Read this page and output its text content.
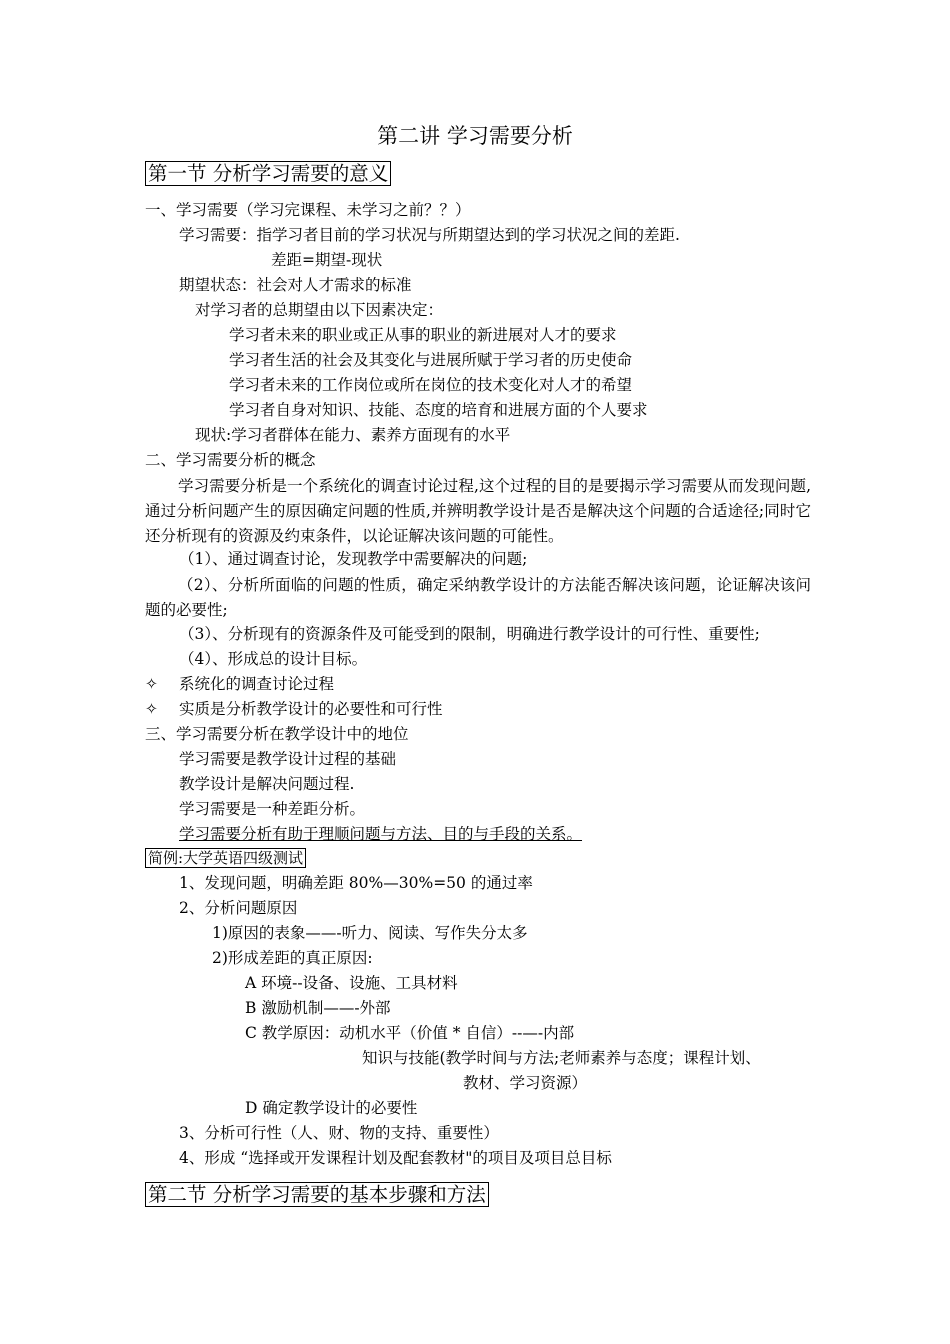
第二讲 学习需要分析
第一节 分析学习需要的意义
一、学习需要（学习完课程、未学习之前？？）
学习需要：指学习者目前的学习状况与所期望达到的学习状况之间的差距.
差距=期望-现状
期望状态：社会对人才需求的标准
对学习者的总期望由以下因素决定：
学习者未来的职业或正从事的职业的新进展对人才的要求
学习者生活的社会及其变化与进展所赋于学习者的历史使命
学习者未来的工作岗位或所在岗位的技术变化对人才的希望
学习者自身对知识、技能、态度的培育和进展方面的个人要求
现状:学习者群体在能力、素养方面现有的水平
二、学习需要分析的概念
学习需要分析是一个系统化的调查讨论过程,这个过程的目的是要揭示学习需要从而发现问题,通过分析问题产生的原因确定问题的性质,并辨明教学设计是否是解决这个问题的合适途径;同时它还分析现有的资源及约束条件，以论证解决该问题的可能性。
（1）、通过调查讨论，发现教学中需要解决的问题;
（2）、分析所面临的问题的性质，确定采纳教学设计的方法能否解决该问题，论证解决该问题的必要性;
（3）、分析现有的资源条件及可能受到的限制，明确进行教学设计的可行性、重要性;
（4）、形成总的设计目标。
✧ 系统化的调查讨论过程
✧ 实质是分析教学设计的必要性和可行性
三、学习需要分析在教学设计中的地位
学习需要是教学设计过程的基础
教学设计是解决问题过程.
学习需要是一种差距分析。
学习需要分析有助于理顺问题与方法、目的与手段的关系。
简例:大学英语四级测试
1、发现问题，明确差距 80%—30%=50 的通过率
2、分析问题原因
1)原因的表象——-听力、阅读、写作失分太多
2)形成差距的真正原因:
A 环境--设备、设施、工具材料
B 激励机制——-外部
C 教学原因：动机水平（价值 * 自信）--—-内部
知识与技能(教学时间与方法;老师素养与态度；课程计划、
教材、学习资源）
D 确定教学设计的必要性
3、分析可行性（人、财、物的支持、重要性）
4、形成 “选择或开发课程计划及配套教材"的项目及项目总目标
第二节 分析学习需要的基本步骤和方法
